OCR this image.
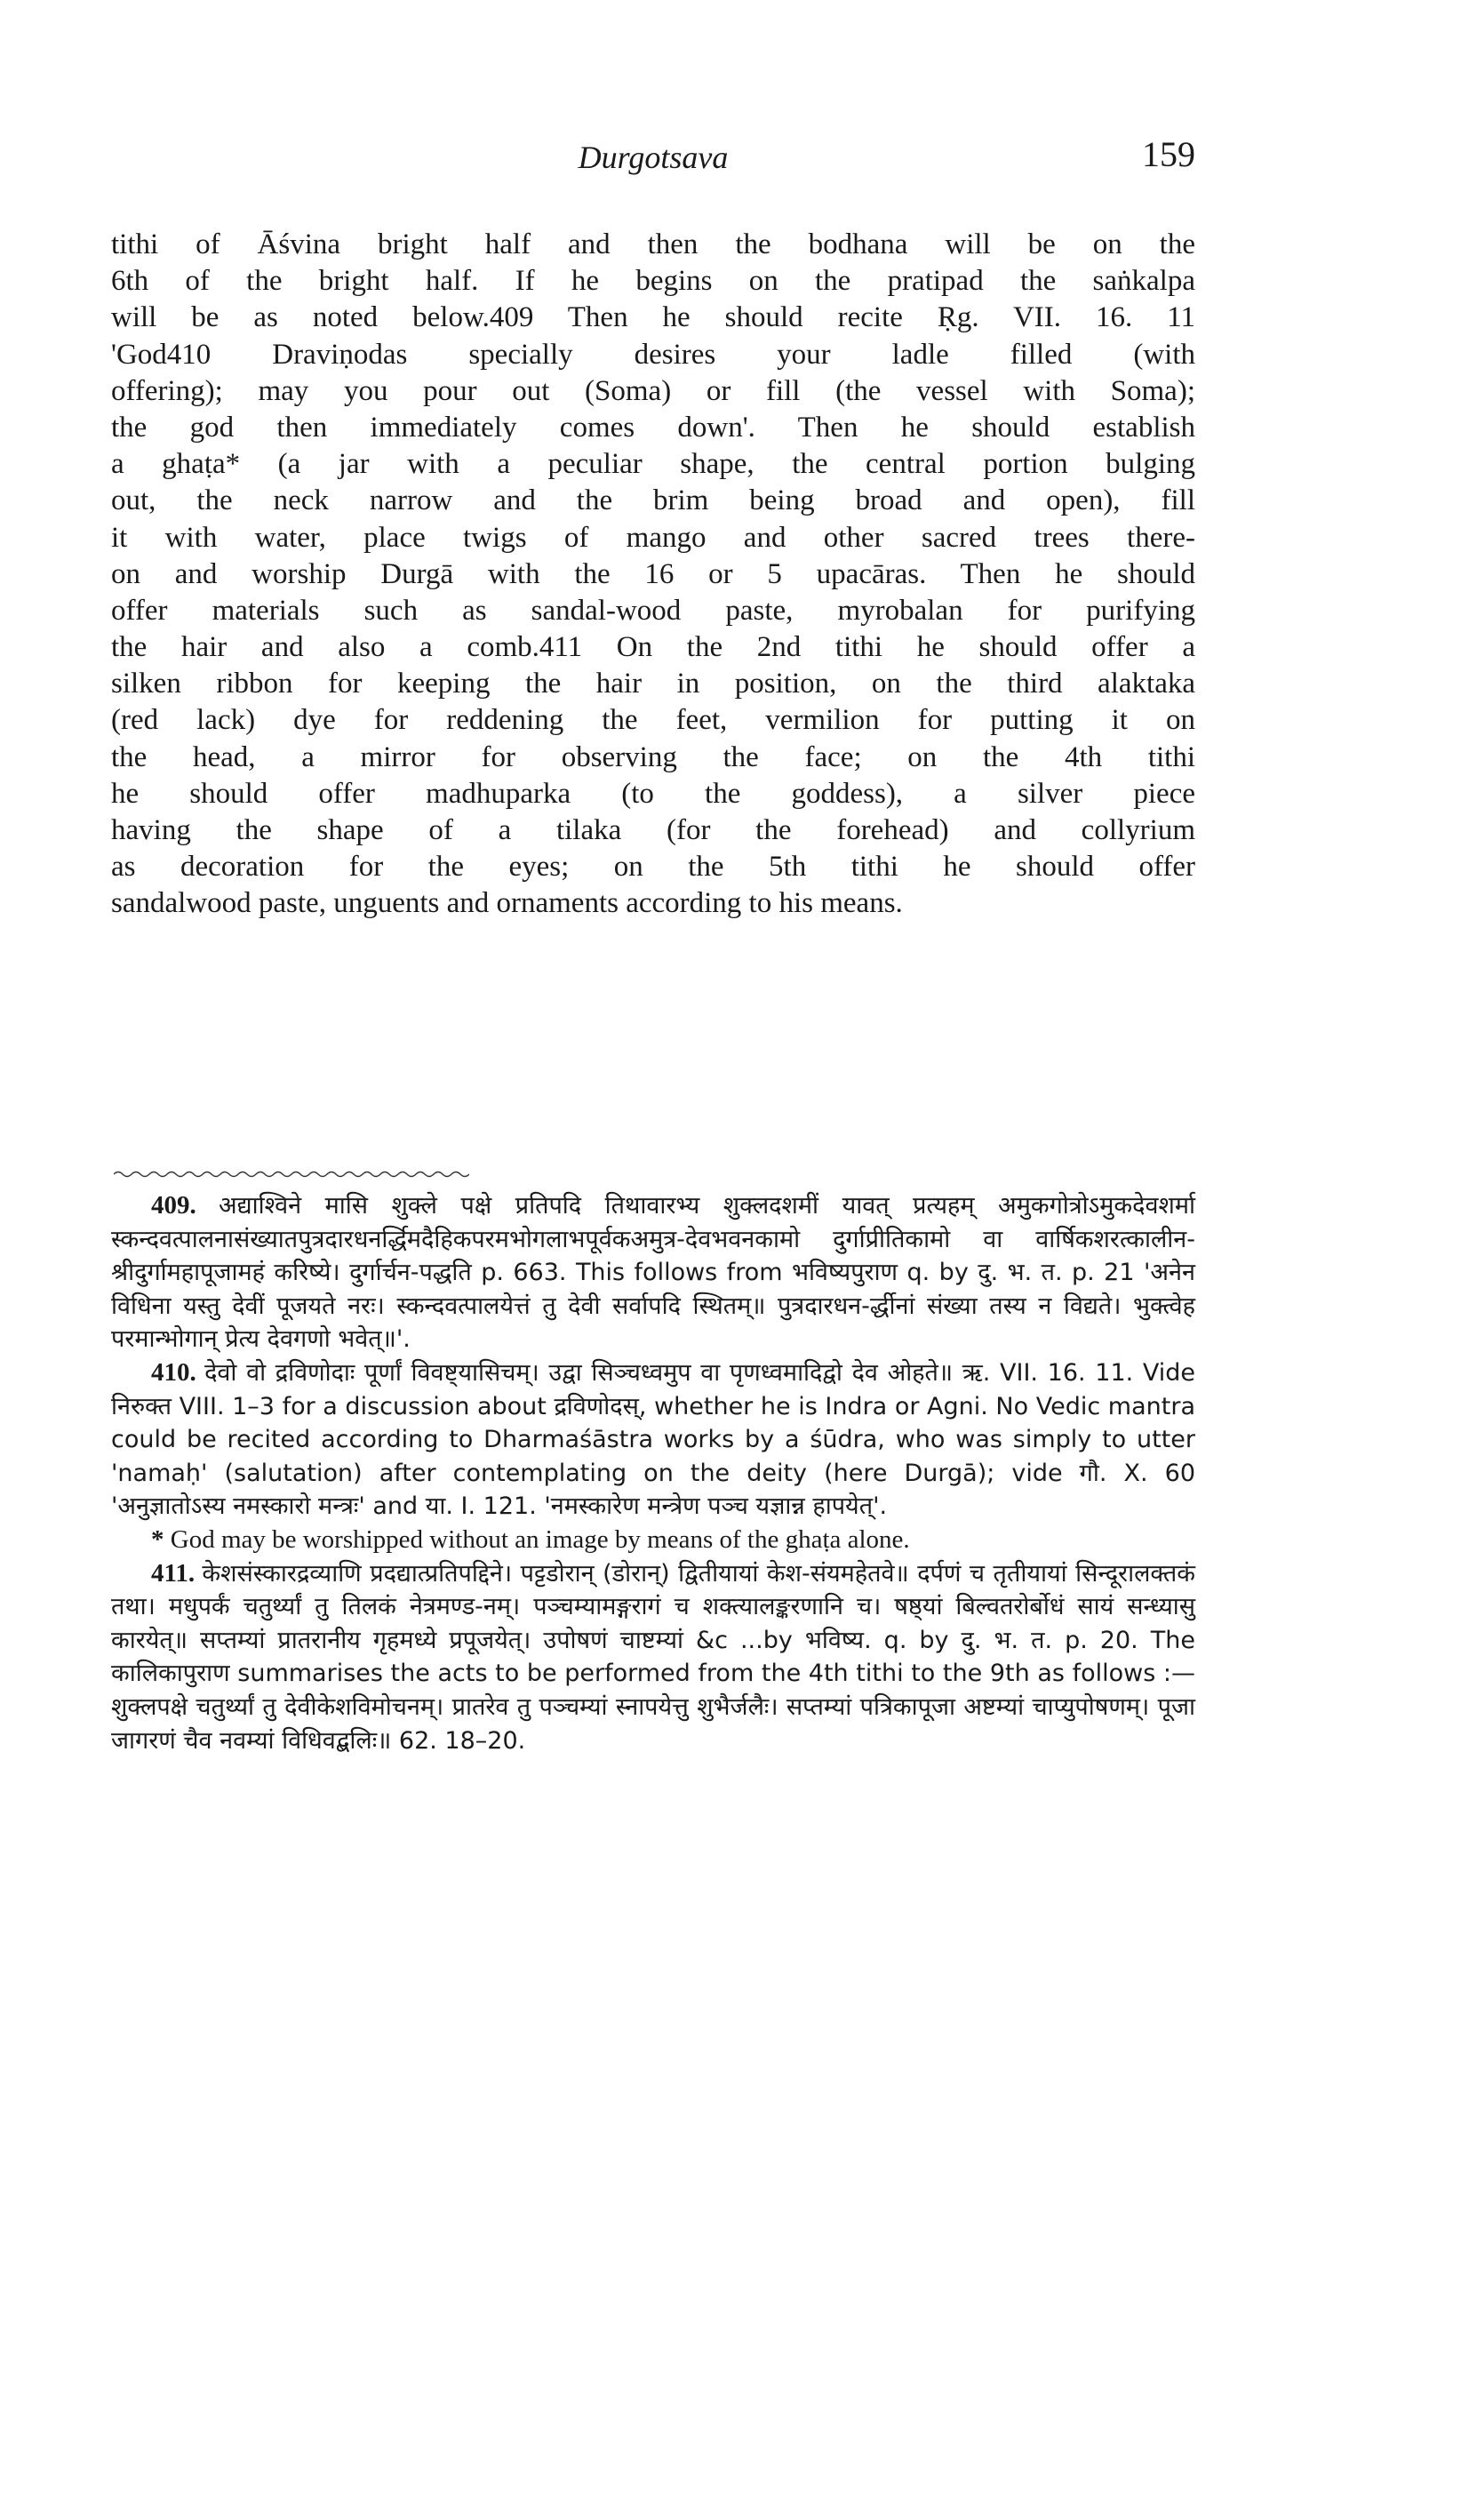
Durgotsava	159
tithi of Āśvina bright half and then the bodhana will be on the
6th of the bright half. If he begins on the pratipad the saṅkalpa
will be as noted below.409 Then he should recite Ṛg. VII. 16. 11
'God410 Draviṇodas specially desires your ladle filled (with
offering); may you pour out (Soma) or fill (the vessel with Soma);
the god then immediately comes down'. Then he should establish
a ghaṭa* (a jar with a peculiar shape, the central portion bulging
out, the neck narrow and the brim being broad and open), fill
it with water, place twigs of mango and other sacred trees there-
on and worship Durgā with the 16 or 5 upacāras. Then he should
offer materials such as sandal-wood paste, myrobalan for purifying
the hair and also a comb.411 On the 2nd tithi he should offer a
silken ribbon for keeping the hair in position, on the third alaktaka
(red lack) dye for reddening the feet, vermilion for putting it on
the head, a mirror for observing the face; on the 4th tithi
he should offer madhuparka (to the goddess), a silver piece
having the shape of a tilaka (for the forehead) and collyrium
as decoration for the eyes; on the 5th tithi he should offer
sandalwood paste, unguents and ornaments according to his means.

409. अद्याश्विने मासि शुक्ले पक्षे प्रतिपदि तिथावारभ्य शुक्लदशमीं यावत् प्रत्यहम् अमुकगोत्रोऽमुकदेवशर्मा स्कन्दवत्पालनासंख्यातपुत्रदारधनर्द्धिमदैहिकपरमभोगलाभपूर्वकअमुत्र-देवभवनकामो दुर्गाप्रीतिकामो वा वार्षिकशरत्कालीन-श्रीदुर्गामहापूजामहं करिष्ये। दुर्गार्चन-पद्धति p. 663. This follows from भविष्यपुराण q. by दु. भ. त. p. 21 'अनेन विधिना यस्तु देवीं पूजयते नरः। स्कन्दवत्पालयेत्तं तु देवी सर्वापदि स्थितम्॥ पुत्रदारधन-र्द्धीनां संख्या तस्य न विद्यते। भुक्त्वेह परमान्भोगान् प्रेत्य देवगणो भवेत्॥'.

410. देवो वो द्रविणोदाः पूर्णां विवष्ट्यासिचम्। उद्वा सिञ्चध्वमुप वा पृणध्वमादिद्वो देव ओहते॥ ऋ. VII. 16. 11. Vide निरुक्त VIII. 1–3 for a discussion about द्रविणोदस्, whether he is Indra or Agni. No Vedic mantra could be recited according to Dharmaśāstra works by a śūdra, who was simply to utter 'namaḥ' (salutation) after contemplating on the deity (here Durgā); vide गौ. X. 60 'अनुज्ञातोऽस्य नमस्कारो मन्त्रः' and या. I. 121. 'नमस्कारेण मन्त्रेण पञ्च यज्ञान्न हापयेत्'.

* God may be worshipped without an image by means of the ghaṭa alone.

411. केशसंस्कारद्रव्याणि प्रदद्यात्प्रतिपद्दिने। पट्टडोरान् (डोरान्) द्वितीयायां केश-संयमहेतवे॥ दर्पणं च तृतीयायां सिन्दूरालक्तकं तथा। मधुपर्कं चतुर्थ्यां तु तिलकं नेत्रमण्ड-नम्। पञ्चम्यामङ्गरागं च शक्त्यालङ्करणानि च। षष्ठ्यां बिल्वतरोर्बोधं सायं सन्ध्यासु कारयेत्॥ सप्तम्यां प्रातरानीय गृहमध्ये प्रपूजयेत्। उपोषणं चाष्टम्यां &c ...by भविष्य. q. by दु. भ. त. p. 20. The कालिकापुराण summarises the acts to be performed from the 4th tithi to the 9th as follows :— शुक्लपक्षे चतुर्थ्यां तु देवीकेशविमोचनम्। प्रातरेव तु पञ्चम्यां स्नापयेत्तु शुभैर्जलैः। सप्तम्यां पत्रिकापूजा अष्टम्यां चाप्युपोषणम्। पूजा जागरणं चैव नवम्यां विधिवद्बलिः॥ 62. 18–20.
